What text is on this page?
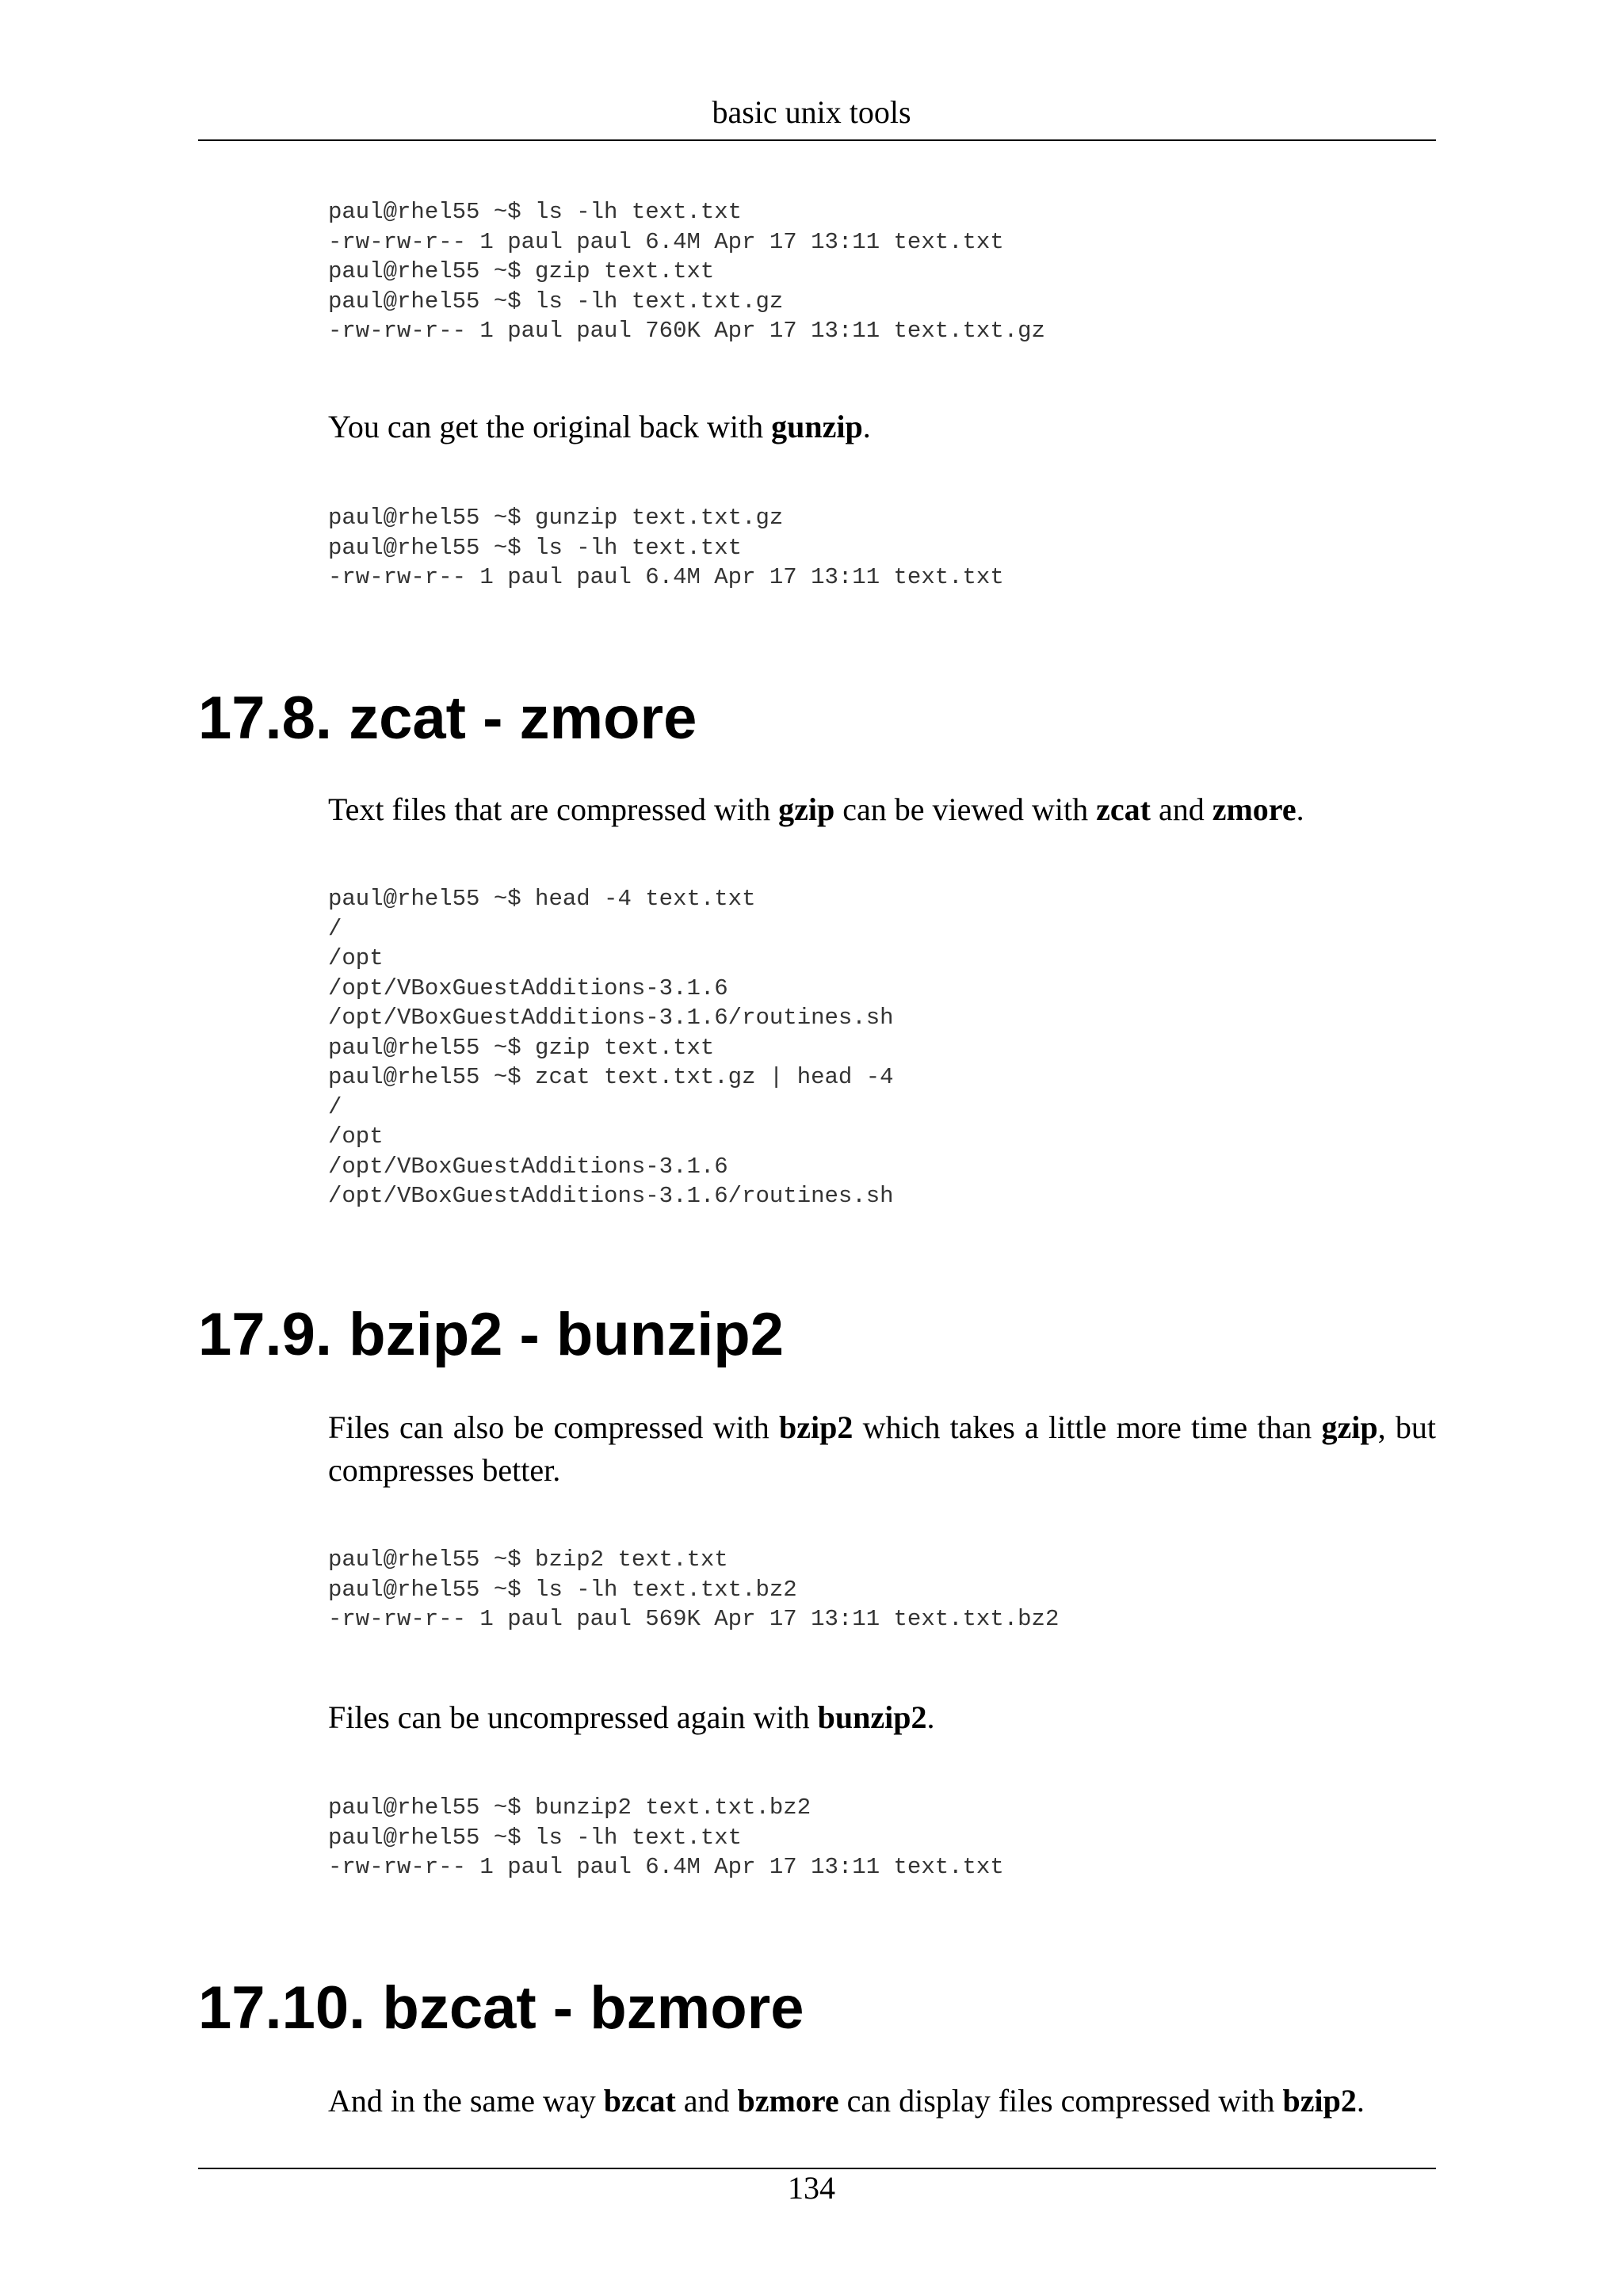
basic unix tools
paul@rhel55 ~$ ls -lh text.txt
-rw-rw-r-- 1 paul paul 6.4M Apr 17 13:11 text.txt
paul@rhel55 ~$ gzip text.txt
paul@rhel55 ~$ ls -lh text.txt.gz
-rw-rw-r-- 1 paul paul 760K Apr 17 13:11 text.txt.gz

You can get the original back with gunzip.

paul@rhel55 ~$ gunzip text.txt.gz
paul@rhel55 ~$ ls -lh text.txt
-rw-rw-r-- 1 paul paul 6.4M Apr 17 13:11 text.txt
17.8. zcat - zmore

Text files that are compressed with gzip can be viewed with zcat and zmore.

paul@rhel55 ~$ head -4 text.txt
/
/opt
/opt/VBoxGuestAdditions-3.1.6
/opt/VBoxGuestAdditions-3.1.6/routines.sh
paul@rhel55 ~$ gzip text.txt
paul@rhel55 ~$ zcat text.txt.gz | head -4
/
/opt
/opt/VBoxGuestAdditions-3.1.6
/opt/VBoxGuestAdditions-3.1.6/routines.sh
17.9. bzip2 - bunzip2

Files can also be compressed with bzip2 which takes a little more time than gzip, but compresses better.

paul@rhel55 ~$ bzip2 text.txt
paul@rhel55 ~$ ls -lh text.txt.bz2
-rw-rw-r-- 1 paul paul 569K Apr 17 13:11 text.txt.bz2

Files can be uncompressed again with bunzip2.

paul@rhel55 ~$ bunzip2 text.txt.bz2
paul@rhel55 ~$ ls -lh text.txt
-rw-rw-r-- 1 paul paul 6.4M Apr 17 13:11 text.txt
17.10. bzcat - bzmore

And in the same way bzcat and bzmore can display files compressed with bzip2.

134
